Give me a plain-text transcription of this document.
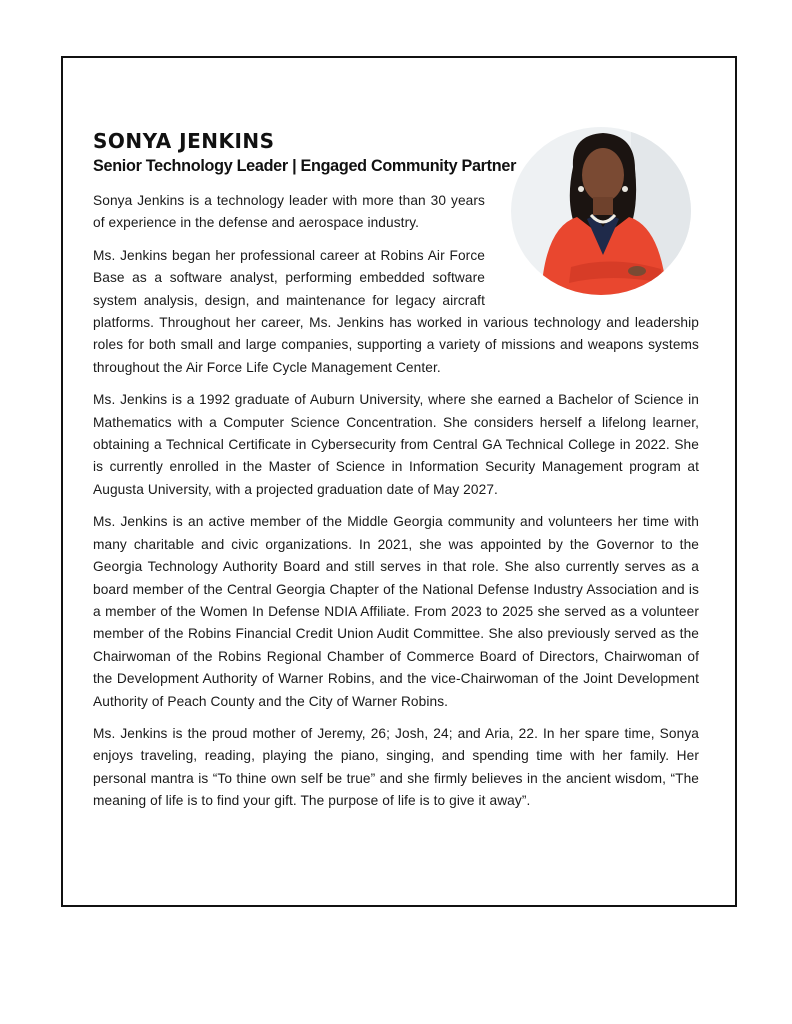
SONYA JENKINS
Senior Technology Leader | Engaged Community Partner

Sonya Jenkins is a technology leader with more than 30 years of experience in the defense and aerospace industry.

Ms. Jenkins began her professional career at Robins Air Force Base as a software analyst, performing embedded software system analysis, design, and maintenance for legacy aircraft platforms. Throughout her career, Ms. Jenkins has worked in various technology and leadership roles for both small and large companies, supporting a variety of missions and weapons systems throughout the Air Force Life Cycle Management Center.

Ms. Jenkins is a 1992 graduate of Auburn University, where she earned a Bachelor of Science in Mathematics with a Computer Science Concentration. She considers herself a lifelong learner, obtaining a Technical Certificate in Cybersecurity from Central GA Technical College in 2022. She is currently enrolled in the Master of Science in Information Security Management program at Augusta University, with a projected graduation date of May 2027.

Ms. Jenkins is an active member of the Middle Georgia community and volunteers her time with many charitable and civic organizations. In 2021, she was appointed by the Governor to the Georgia Technology Authority Board and still serves in that role. She also currently serves as a board member of the Central Georgia Chapter of the National Defense Industry Association and is a member of the Women In Defense NDIA Affiliate. From 2023 to 2025 she served as a volunteer member of the Robins Financial Credit Union Audit Committee. She also previously served as the Chairwoman of the Robins Regional Chamber of Commerce Board of Directors, Chairwoman of the Development Authority of Warner Robins, and the vice-Chairwoman of the Joint Development Authority of Peach County and the City of Warner Robins.

Ms. Jenkins is the proud mother of Jeremy, 26; Josh, 24; and Aria, 22. In her spare time, Sonya enjoys traveling, reading, playing the piano, singing, and spending time with her family. Her personal mantra is “To thine own self be true” and she firmly believes in the ancient wisdom, “The meaning of life is to find your gift. The purpose of life is to give it away”.
